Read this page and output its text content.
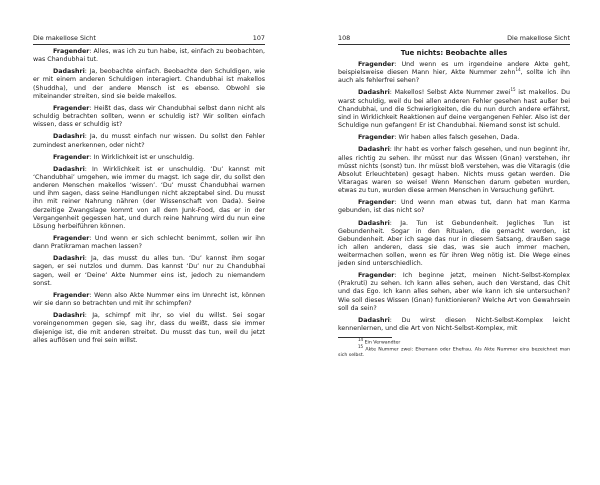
Die makellose Sicht	107

Fragender: Alles, was ich zu tun habe, ist, einfach zu beobachten, was Chandubhai tut.

Dadashri: Ja, beobachte einfach. Beobachte den Schuldigen, wie er mit einem anderen Schuldigen interagiert. Chandubhai ist makellos (Shuddha), und der andere Mensch ist es ebenso. Obwohl sie miteinander streiten, sind sie beide makellos.

Fragender: Heißt das, dass wir Chandubhai selbst dann nicht als schuldig betrachten sollten, wenn er schuldig ist? Wir sollten einfach wissen, dass er schuldig ist?

Dadashri: Ja, du musst einfach nur wissen. Du sollst den Fehler zumindest anerkennen, oder nicht?

Fragender: In Wirklichkeit ist er unschuldig.

Dadashri: In Wirklichkeit ist er unschuldig. ‘Du’ kannst mit ‘Chandubhai’ umgehen, wie immer du magst. Ich sage dir, du sollst den anderen Menschen makellos ‘wissen’. ‘Du’ musst Chandubhai warnen und ihm sagen, dass seine Handlungen nicht akzeptabel sind. Du musst ihn mit reiner Nahrung nähren (der Wissenschaft von Dada). Seine derzeitige Zwangslage kommt von all dem Junk-Food, das er in der Vergangenheit gegessen hat, und durch reine Nahrung wird du nun eine Lösung herbeiführen können.

Fragender: Und wenn er sich schlecht benimmt, sollen wir ihn dann Pratikraman machen lassen?

Dadashri: Ja, das musst du alles tun. ‘Du’ kannst ihm sogar sagen, er sei nutzlos und dumm. Das kannst ‘Du’ nur zu Chandubhai sagen, weil er ‘Deine’ Akte Nummer eins ist, jedoch zu niemandem sonst.

Fragender: Wenn also Akte Nummer eins im Unrecht ist, können wir sie dann so betrachten und mit ihr schimpfen?

Dadashri: Ja, schimpf mit ihr, so viel du willst. Sei sogar voreingenommen gegen sie, sag ihr, dass du weißt, dass sie immer diejenige ist, die mit anderen streitet. Du musst das tun, weil du jetzt alles auflösen und frei sein willst.

108	Die makellose Sicht
Tue nichts: Beobachte alles

Fragender: Und wenn es um irgendeine andere Akte geht, beispielsweise diesen Mann hier, Akte Nummer zehn$^{14}$, sollte ich ihn auch als fehlerfrei sehen?

Dadashri: Makellos! Selbst Akte Nummer zwei$^{15}$ ist makellos. Du warst schuldig, weil du bei allen anderen Fehler gesehen hast außer bei Chandubhai, und die Schwierigkeiten, die du nun durch andere erfährst, sind in Wirklichkeit Reaktionen auf deine vergangenen Fehler. Also ist der Schuldige nun gefangen! Er ist Chandubhai. Niemand sonst ist schuld.

Fragender: Wir haben alles falsch gesehen, Dada.

Dadashri: Ihr habt es vorher falsch gesehen, und nun beginnt ihr, alles richtig zu sehen. Ihr müsst nur das Wissen (Gnan) verstehen, ihr müsst nichts (sonst) tun. Ihr müsst bloß verstehen, was die Vitaragis (die Absolut Erleuchteten) gesagt haben. Nichts muss getan werden. Die Vitaragas waren so weise! Wenn Menschen darum gebeten wurden, etwas zu tun, wurden diese armen Menschen in Versuchung geführt.

Fragender: Und wenn man etwas tut, dann hat man Karma gebunden, ist das nicht so?

Dadashri: Ja. Tun ist Gebundenheit. Jegliches Tun ist Gebundenheit. Sogar in den Ritualen, die gemacht werden, ist Gebundenheit. Aber ich sage das nur in diesem Satsang, draußen sage ich allen anderen, dass sie das, was sie auch immer machen, weitermachen sollen, wenn es für ihren Weg nötig ist. Die Wege eines jeden sind unterschiedlich.

Fragender: Ich beginne jetzt, meinen Nicht-Selbst-Komplex (Prakruti) zu sehen. Ich kann alles sehen, auch den Verstand, das Chit und das Ego. Ich kann alles sehen, aber wie kann ich sie untersuchen? Wie soll dieses Wissen (Gnan) funktionieren? Welche Art von Gewahrsein soll da sein?

Dadashri: Du wirst diesen Nicht-Selbst-Komplex leicht kennenlernen, und die Art von Nicht-Selbst-Komplex, mit

$^{14}$ Ein Verwandter

$^{15}$ Akte Nummer zwei: Ehemann oder Ehefrau. Als Akte Nummer eins bezeichnet man sich selbst.
